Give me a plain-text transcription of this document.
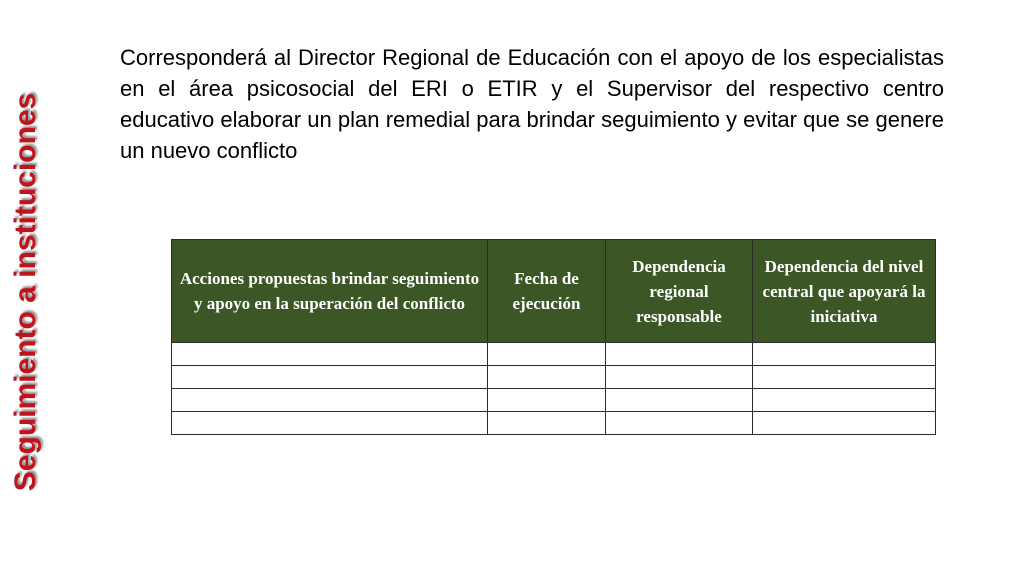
Seguimiento a instituciones

Corresponderá al Director Regional de Educación con el apoyo de los especialistas en el área psicosocial del ERI o ETIR y el Supervisor del respectivo centro educativo elaborar un plan remedial para brindar seguimiento y evitar que se genere un nuevo conflicto

Acciones propuestas brindar seguimiento y apoyo en la superación del conflicto	Fecha de ejecución	Dependencia regional responsable	Dependencia del nivel central que apoyará la iniciativa
